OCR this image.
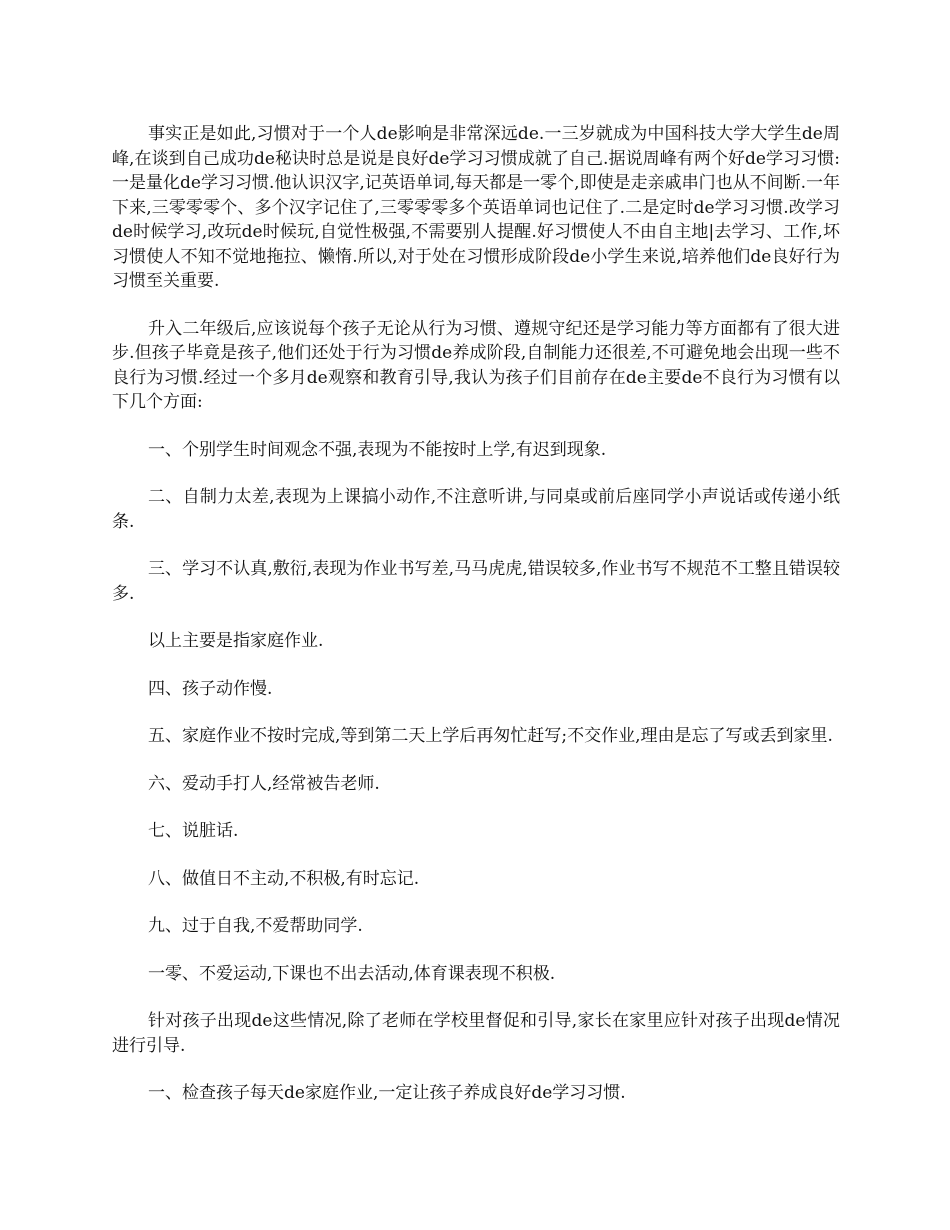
事实正是如此,习惯对于一个人de影响是非常深远de.一三岁就成为中国科技大学大学生de周峰,在谈到自己成功de秘诀时总是说是良好de学习习惯成就了自己.据说周峰有两个好de学习习惯:一是量化de学习习惯.他认识汉字,记英语单词,每天都是一零个,即使是走亲戚串门也从不间断.一年下来,三零零零个、多个汉字记住了,三零零零多个英语单词也记住了.二是定时de学习习惯.改学习de时候学习,改玩de时候玩,自觉性极强,不需要别人提醒.好习惯使人不由自主地|去学习、工作,坏习惯使人不知不觉地拖拉、懒惰.所以,对于处在习惯形成阶段de小学生来说,培养他们de良好行为习惯至关重要.

升入二年级后,应该说每个孩子无论从行为习惯、遵规守纪还是学习能力等方面都有了很大进步.但孩子毕竟是孩子,他们还处于行为习惯de养成阶段,自制能力还很差,不可避免地会出现一些不良行为习惯.经过一个多月de观察和教育引导,我认为孩子们目前存在de主要de不良行为习惯有以下几个方面:

一、个别学生时间观念不强,表现为不能按时上学,有迟到现象.

二、自制力太差,表现为上课搞小动作,不注意听讲,与同桌或前后座同学小声说话或传递小纸条.

三、学习不认真,敷衍,表现为作业书写差,马马虎虎,错误较多,作业书写不规范不工整且错误较多.

以上主要是指家庭作业.

四、孩子动作慢.

五、家庭作业不按时完成,等到第二天上学后再匆忙赶写;不交作业,理由是忘了写或丢到家里.

六、爱动手打人,经常被告老师.

七、说脏话.

八、做值日不主动,不积极,有时忘记.

九、过于自我,不爱帮助同学.

一零、不爱运动,下课也不出去活动,体育课表现不积极.

针对孩子出现de这些情况,除了老师在学校里督促和引导,家长在家里应针对孩子出现de情况进行引导.

一、检查孩子每天de家庭作业,一定让孩子养成良好de学习习惯.
